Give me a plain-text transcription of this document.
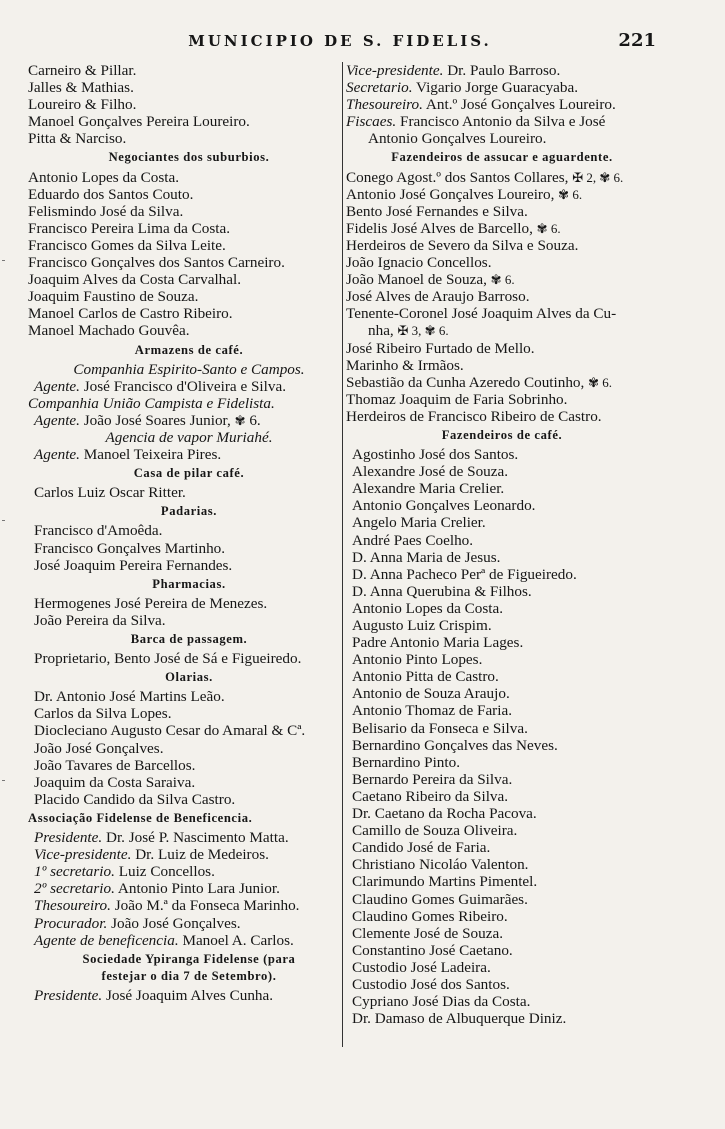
MUNICIPIO DE S. FIDELIS.	221
Carneiro & Pillar.
Jalles & Mathias.
Loureiro & Filho.
Manoel Gonçalves Pereira Loureiro.
Pitta & Narciso.
Negociantes dos suburbios.
Antonio Lopes da Costa.
Eduardo dos Santos Couto.
Felismindo José da Silva.
Francisco Pereira Lima da Costa.
Francisco Gomes da Silva Leite.
Francisco Gonçalves dos Santos Carneiro.
Joaquim Alves da Costa Carvalhal.
Joaquim Faustino de Souza.
Manoel Carlos de Castro Ribeiro.
Manoel Machado Gouvêa.
Armazens de café.
Companhia Espirito-Santo e Campos.
Agente. José Francisco d'Oliveira e Silva.
Companhia União Campista e Fidelista.
Agente. João José Soares Junior, ✾ 6.
Agencia de vapor Muriahé.
Agente. Manoel Teixeira Pires.
Casa de pilar café.
Carlos Luiz Oscar Ritter.
Padarias.
Francisco d'Amoêda.
Francisco Gonçalves Martinho.
José Joaquim Pereira Fernandes.
Pharmacias.
Hermogenes José Pereira de Menezes.
João Pereira da Silva.
Barca de passagem.
Proprietario, Bento José de Sá e Figueiredo.
Olarias.
Dr. Antonio José Martins Leão.
Carlos da Silva Lopes.
Diocleciano Augusto Cesar do Amaral & Cª.
João José Gonçalves.
João Tavares de Barcellos.
Joaquim da Costa Saraiva.
Placido Candido da Silva Castro.
Associação Fidelense de Beneficencia.
Presidente. Dr. José P. Nascimento Matta.
Vice-presidente. Dr. Luiz de Medeiros.
1º secretario. Luiz Concellos.
2º secretario. Antonio Pinto Lara Junior.
Thesoureiro. João M.ª da Fonseca Marinho.
Procurador. João José Gonçalves.
Agente de beneficencia. Manoel A. Carlos.
Sociedade Ypiranga Fidelense (para
festejar o dia 7 de Setembro).
Presidente. José Joaquim Alves Cunha.
Vice-presidente. Dr. Paulo Barroso.
Secretario. Vigario Jorge Guaracyaba.
Thesoureiro. Ant.º José Gonçalves Loureiro.
Fiscaes. Francisco Antonio da Silva e José
Antonio Gonçalves Loureiro.
Fazendeiros de assucar e aguardente.
Conego Agost.º dos Santos Collares, ✠ 2, ✾ 6.
Antonio José Gonçalves Loureiro, ✾ 6.
Bento José Fernandes e Silva.
Fidelis José Alves de Barcello, ✾ 6.
Herdeiros de Severo da Silva e Souza.
João Ignacio Concellos.
João Manoel de Souza, ✾ 6.
José Alves de Araujo Barroso.
Tenente-Coronel José Joaquim Alves da Cu-
nha, ✠ 3, ✾ 6.
José Ribeiro Furtado de Mello.
Marinho & Irmãos.
Sebastião da Cunha Azeredo Coutinho, ✾ 6.
Thomaz Joaquim de Faria Sobrinho.
Herdeiros de Francisco Ribeiro de Castro.
Fazendeiros de café.
Agostinho José dos Santos.
Alexandre José de Souza.
Alexandre Maria Crelier.
Antonio Gonçalves Leonardo.
Angelo Maria Crelier.
André Paes Coelho.
D. Anna Maria de Jesus.
D. Anna Pacheco Perª de Figueiredo.
D. Anna Querubina & Filhos.
Antonio Lopes da Costa.
Augusto Luiz Crispim.
Padre Antonio Maria Lages.
Antonio Pinto Lopes.
Antonio Pitta de Castro.
Antonio de Souza Araujo.
Antonio Thomaz de Faria.
Belisario da Fonseca e Silva.
Bernardino Gonçalves das Neves.
Bernardino Pinto.
Bernardo Pereira da Silva.
Caetano Ribeiro da Silva.
Dr. Caetano da Rocha Pacova.
Camillo de Souza Oliveira.
Candido José de Faria.
Christiano Nicoláo Valenton.
Clarimundo Martins Pimentel.
Claudino Gomes Guimarães.
Claudino Gomes Ribeiro.
Clemente José de Souza.
Constantino José Caetano.
Custodio José Ladeira.
Custodio José dos Santos.
Cypriano José Dias da Costa.
Dr. Damaso de Albuquerque Diniz.
